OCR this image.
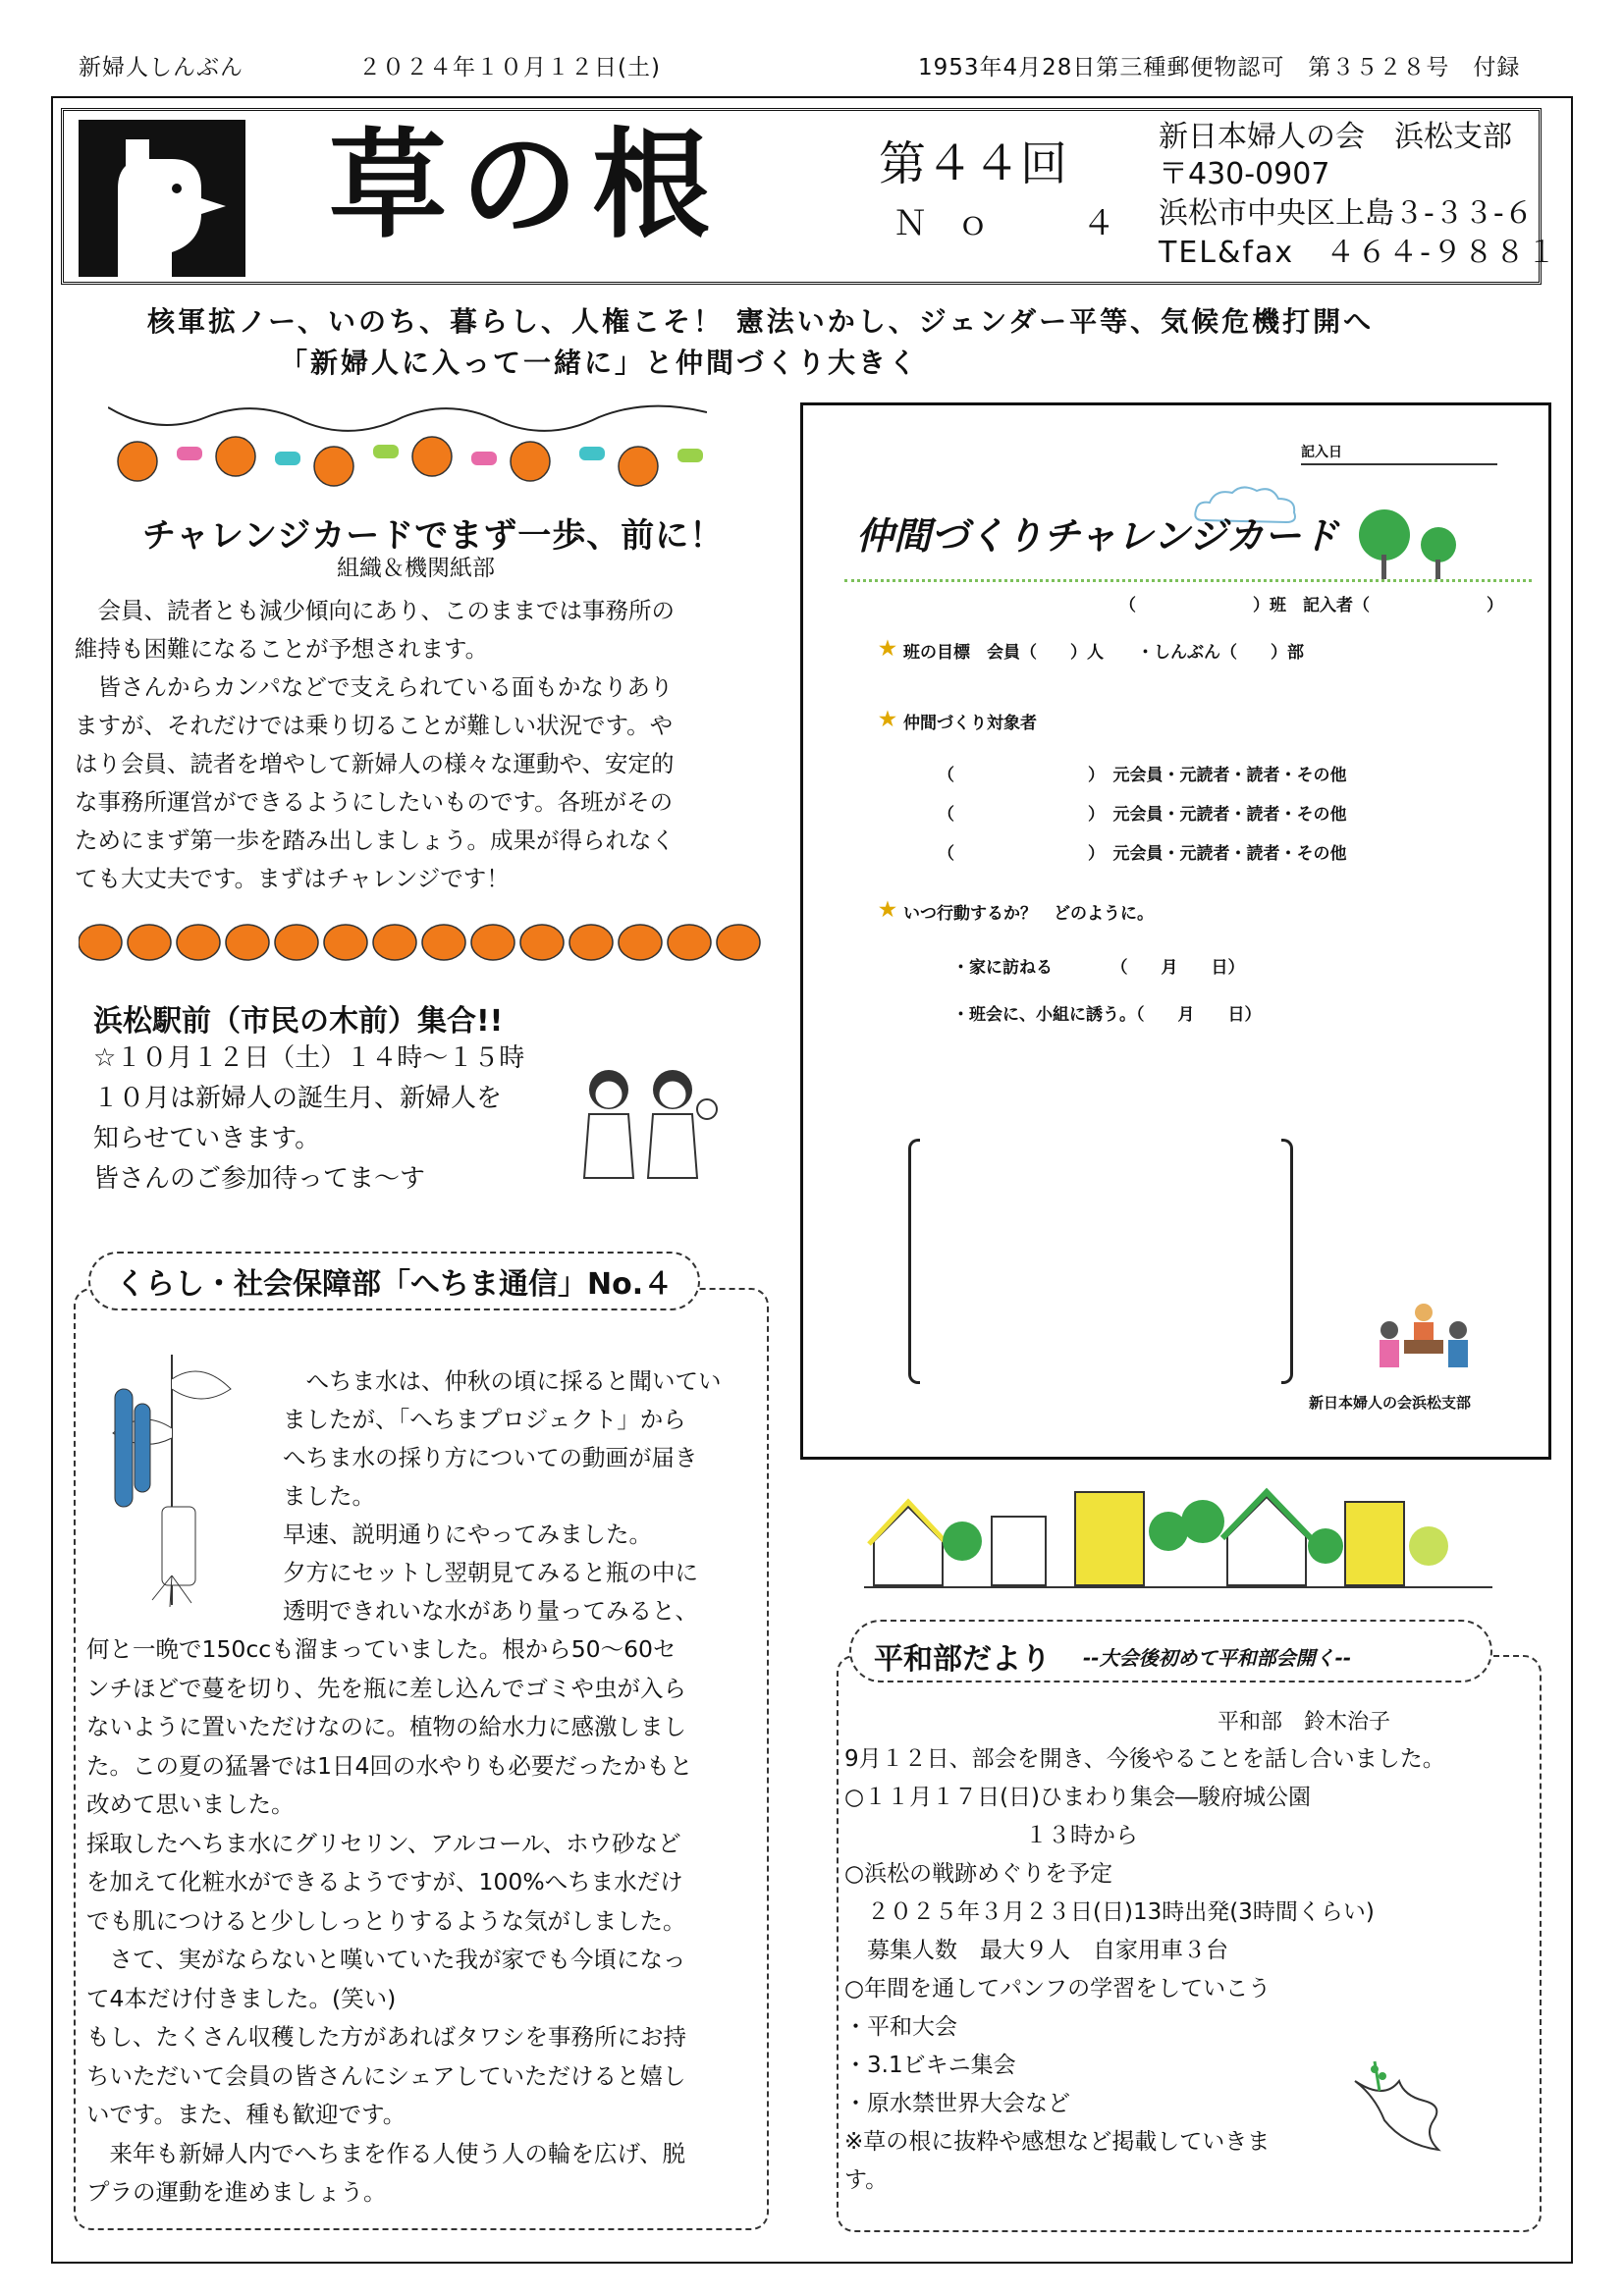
新婦人しんぶん	２０２４年１０月１２日(土)	1953年4月28日第三種郵便物認可　第３５２８号　付録
草の根	第４４回
Ｎｏ　４
新日本婦人の会　浜松支部
〒430-0907
浜松市中央区上島３-３３-６
TEL&fax　４６４-９８８１
核軍拡ノー、いのち、暮らし、人権こそ！ 憲法いかし、ジェンダー平等、気候危機打開へ
「新婦人に入って一緒に」と仲間づくり大きく
チャレンジカードでまず一歩、前に！
組織＆機関紙部
　会員、読者とも減少傾向にあり、このままでは事務所の
維持も困難になることが予想されます。
　皆さんからカンパなどで支えられている面もかなりあり
ますが、それだけでは乗り切ることが難しい状況です。や
はり会員、読者を増やして新婦人の様々な運動や、安定的
な事務所運営ができるようにしたいものです。各班がその
ためにまず第一歩を踏み出しましょう。成果が得られなく
ても大丈夫です。まずはチャレンジです！
浜松駅前（市民の木前）集合!!
☆１０月１２日（土）１４時～１５時
１０月は新婦人の誕生月、新婦人を
知らせていきます。
皆さんのご参加待ってま～す
くらし・社会保障部「へちま通信」No.４
　へちま水は、仲秋の頃に採ると聞いてい
ましたが、「へちまプロジェクト」から
へちま水の採り方についての動画が届き
ました。
早速、説明通りにやってみました。
夕方にセットし翌朝見てみると瓶の中に
透明できれいな水があり量ってみると、
何と一晩で150ccも溜まっていました。根から50～60セ
ンチほどで蔓を切り、先を瓶に差し込んでゴミや虫が入ら
ないように置いただけなのに。植物の給水力に感激しまし
た。この夏の猛暑では1日4回の水やりも必要だったかもと
改めて思いました。
採取したへちま水にグリセリン、アルコール、ホウ砂など
を加えて化粧水ができるようですが、100%へちま水だけ
でも肌につけると少ししっとりするような気がしました。
　さて、実がならないと嘆いていた我が家でも今頃になっ
て4本だけ付きました。(笑い)
もし、たくさん収穫した方があればタワシを事務所にお持
ちいただいて会員の皆さんにシェアしていただけると嬉し
いです。また、種も歓迎です。
　来年も新婦人内でへちまを作る人使う人の輪を広げ、脱
プラの運動を進めましょう。
記入日
仲間づくりチャレンジカード
（　　　　　　　）班　記入者（　　　　　　　）
★ 班の目標　会員（　　）人　　・しんぶん（　　）部
★ 仲間づくり対象者
（　　　　　　　　）　元会員・元読者・読者・その他
（　　　　　　　　）　元会員・元読者・読者・その他
（　　　　　　　　）　元会員・元読者・読者・その他
★ いつ行動するか？　どのように。
・家に訪ねる　　　　（　　月　　日）
・班会に、小組に誘う。（　　月　　日）
新日本婦人の会浜松支部
平和部だより --大会後初めて平和部会開く--
平和部　鈴木治子
9月１２日、部会を開き、今後やることを話し合いました。
○１１月１７日(日)ひまわり集会―駿府城公園
　　　　　　　　１３時から
○浜松の戦跡めぐりを予定
　２０２５年３月２３日(日)13時出発(3時間くらい)
　募集人数　最大９人　自家用車３台
○年間を通してパンフの学習をしていこう
・平和大会
・3.1ビキニ集会
・原水禁世界大会など
※草の根に抜粋や感想など掲載していきま
す。
